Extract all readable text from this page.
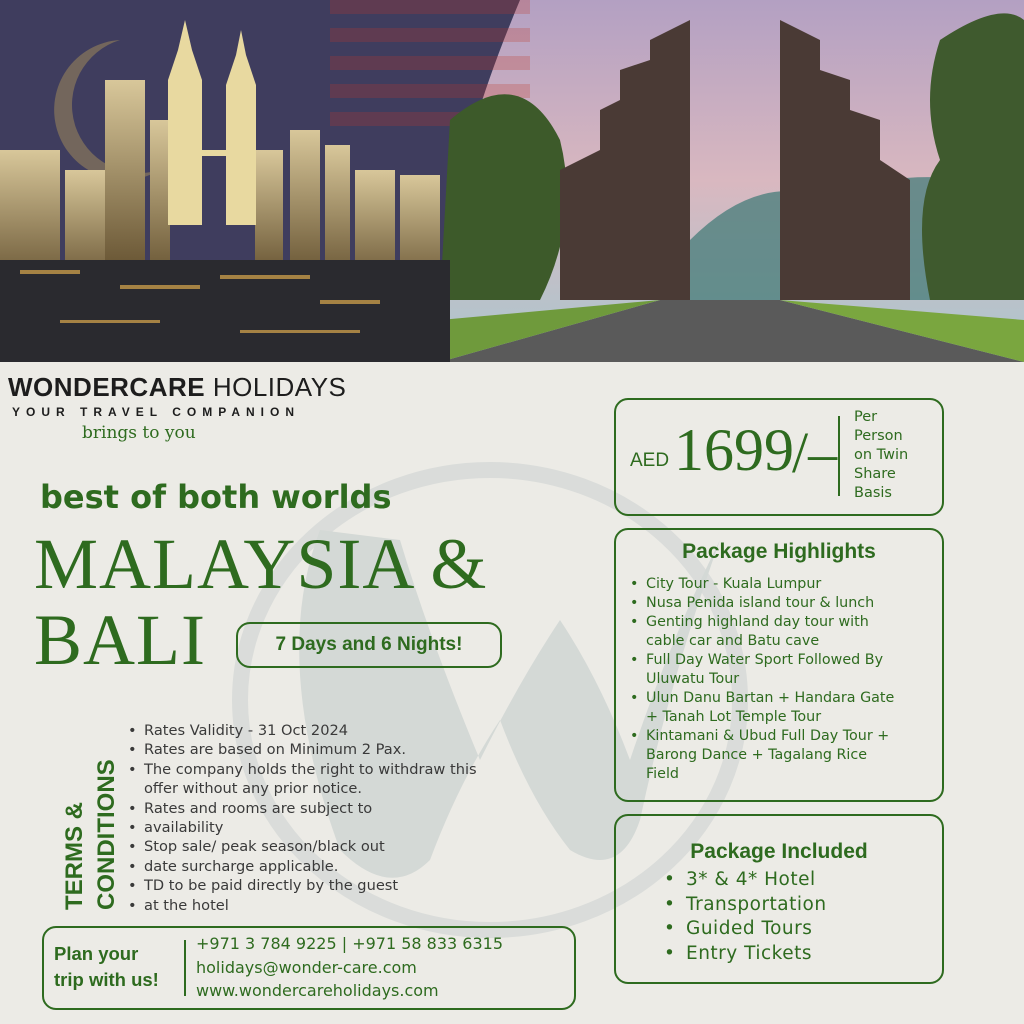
WONDERCARE HOLIDAYS
YOUR TRAVEL COMPANION
brings to you
best of both worlds
MALAYSIA &
BALI	7 Days and 6 Nights!
TERMS & CONDITIONS
• Rates Validity - 31 Oct 2024
• Rates are based on Minimum 2 Pax.
• The company holds the right to withdraw this
offer without any prior notice.
• Rates and rooms are subject to
• availability
• Stop sale/ peak season/black out
• date surcharge applicable.
• TD to be paid directly by the guest
• at the hotel
Plan your
trip with us!
+971 3 784 9225 | +971 58 833 6315
holidays@wonder-care.com
www.wondercareholidays.com
AED 1699
/–
Per
Person
on Twin
Share
Basis
Package Highlights
• City Tour - Kuala Lumpur
• Nusa Penida island tour & lunch
• Genting highland day tour with
cable car and Batu cave
• Full Day Water Sport Followed By
Uluwatu Tour
• Ulun Danu Bartan + Handara Gate
+ Tanah Lot Temple Tour
• Kintamani & Ubud Full Day Tour +
Barong Dance + Tagalang Rice
Field
Package Included
• 3* & 4* Hotel
• Transportation
• Guided Tours
• Entry Tickets
